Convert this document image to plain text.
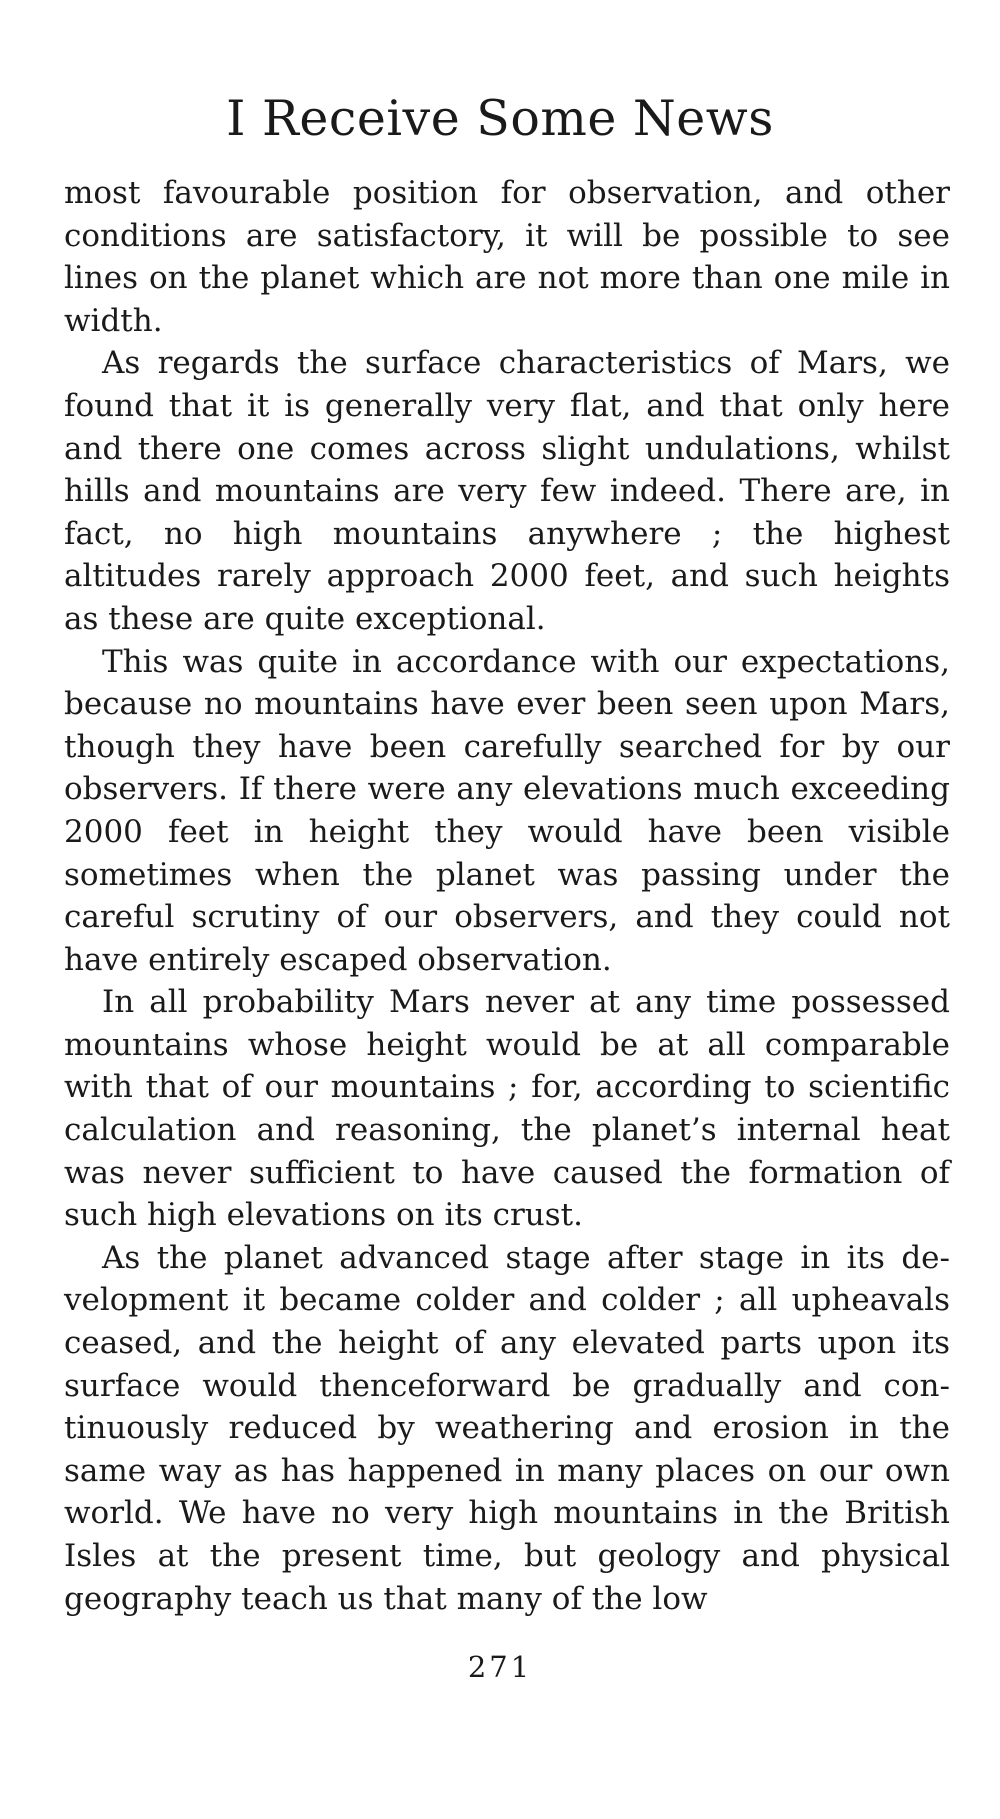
I Receive Some News

most favourable position for observation, and other conditions are satisfactory, it will be possible to see lines on the planet which are not more than one mile in width.

As regards the surface characteristics of Mars, we found that it is generally very flat, and that only here and there one comes across slight undulations, whilst hills and mountains are very few indeed. There are, in fact, no high mountains anywhere ; the highest altitudes rarely approach 2000 feet, and such heights as these are quite exceptional.

This was quite in accordance with our expectations, because no mountains have ever been seen upon Mars, though they have been carefully searched for by our observers. If there were any elevations much exceeding 2000 feet in height they would have been visible sometimes when the planet was passing under the careful scrutiny of our observers, and they could not have entirely escaped observation.

In all probability Mars never at any time possessed mountains whose height would be at all comparable with that of our mountains ; for, according to scientific calculation and reasoning, the planet’s internal heat was never sufficient to have caused the formation of such high elevations on its crust.

As the planet advanced stage after stage in its development it became colder and colder ; all upheavals ceased, and the height of any elevated parts upon its surface would thenceforward be gradually and continuously reduced by weathering and erosion in the same way as has happened in many places on our own world. We have no very high mountains in the British Isles at the present time, but geology and physical geography teach us that many of the low

271
